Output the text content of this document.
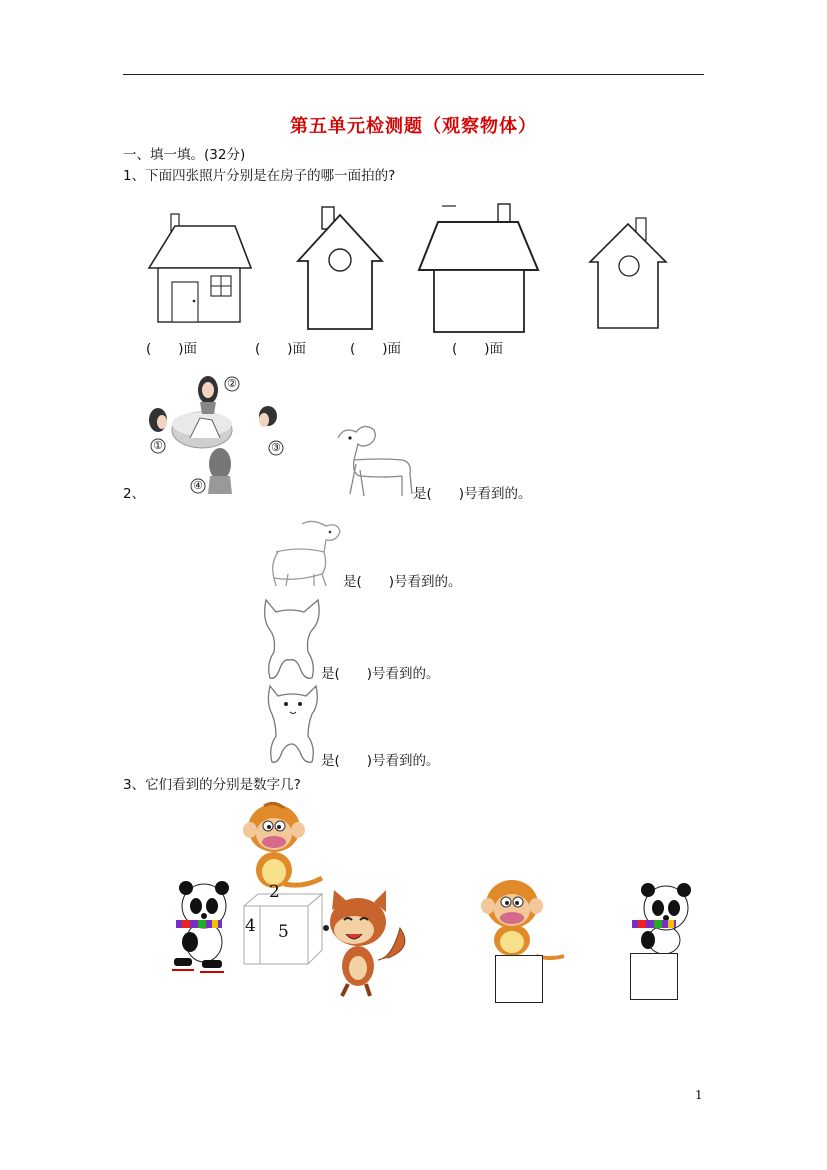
第五单元检测题（观察物体）
一、填一填。(32分)
1、下面四张照片分别是在房子的哪一面拍的?
(　　)面	(　　)面	(　　)面	(　　)面
①
②
③
④
2、	是(　　)号看到的。
是(　　)号看到的。
是(　　)号看到的。
是(　　)号看到的。
3、它们看到的分别是数字几?
2
4 5
1
